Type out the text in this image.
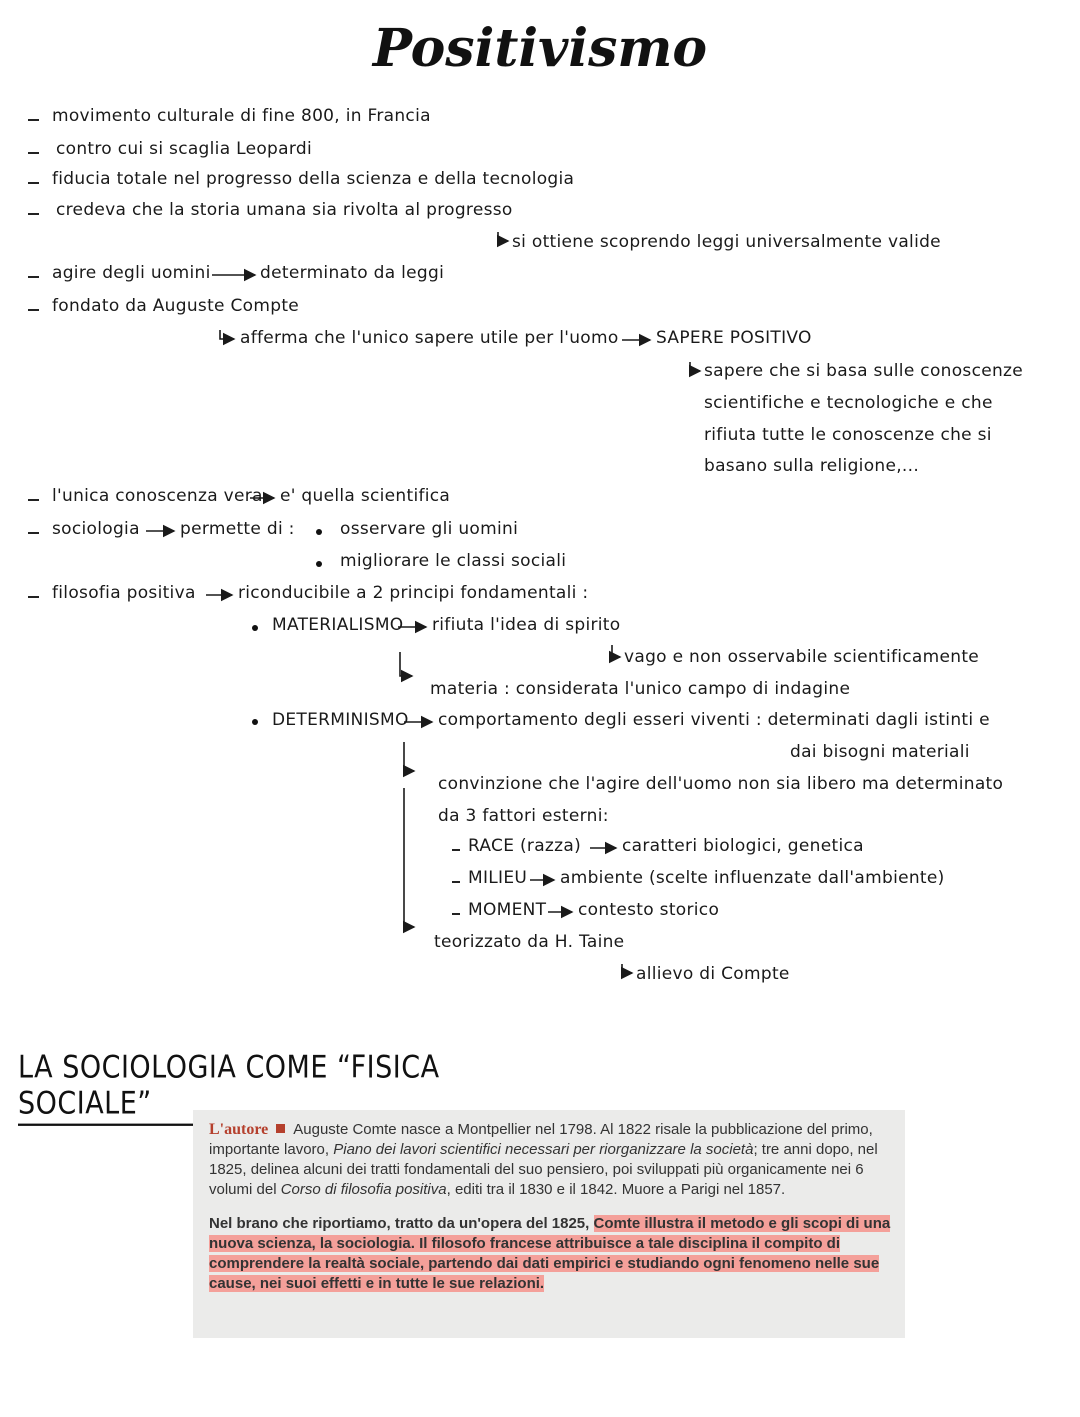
Positivismo
movimento culturale di fine 800, in Francia
contro cui si scaglia Leopardi
fiducia totale nel progresso della scienza e della tecnologia
credeva che la storia umana sia rivolta al progresso
si ottiene scoprendo leggi universalmente valide
agire degli uomini	determinato da leggi
fondato da Auguste Compte
afferma che l'unico sapere utile per l'uomo SAPERE POSITIVO
sapere che si basa sulle conoscenze
scientifiche e tecnologiche e che
rifiuta tutte le conoscenze che si
basano sulla religione,...
l'unica conoscenza vera e' quella scientifica
sociologia permette di :	osservare gli uomini
migliorare le classi sociali
filosofia positiva riconducibile a 2 principi fondamentali :
MATERIALISMO rifiuta l'idea di spirito
vago e non osservabile scientificamente
materia : considerata l'unico campo di indagine
DETERMINISMO comportamento degli esseri viventi : determinati dagli istinti e
dai bisogni materiali
convinzione che l'agire dell'uomo non sia libero ma determinato
da 3 fattori esterni:
RACE (razza) caratteri biologici, genetica
MILIEU ambiente (scelte influenzate dall'ambiente)
MOMENT contesto storico
teorizzato da H. Taine
allievo di Compte
LA SOCIOLOGIA COME “FISICA SOCIALE”

L'autore Auguste Comte nasce a Montpellier nel 1798. Al 1822 risale la pubblicazione del primo, importante lavoro, Piano dei lavori scientifici necessari per riorganizzare la società; tre anni dopo, nel 1825, delinea alcuni dei tratti fondamentali del suo pensiero, poi sviluppati più organicamente nei 6 volumi del Corso di filosofia positiva, editi tra il 1830 e il 1842. Muore a Parigi nel 1857.

Nel brano che riportiamo, tratto da un'opera del 1825, Comte illustra il metodo e gli scopi di una nuova scienza, la sociologia. Il filosofo francese attribuisce a tale disciplina il compito di comprendere la realtà sociale, partendo dai dati empirici e studiando ogni fenomeno nelle sue cause, nei suoi effetti e in tutte le sue relazioni.
